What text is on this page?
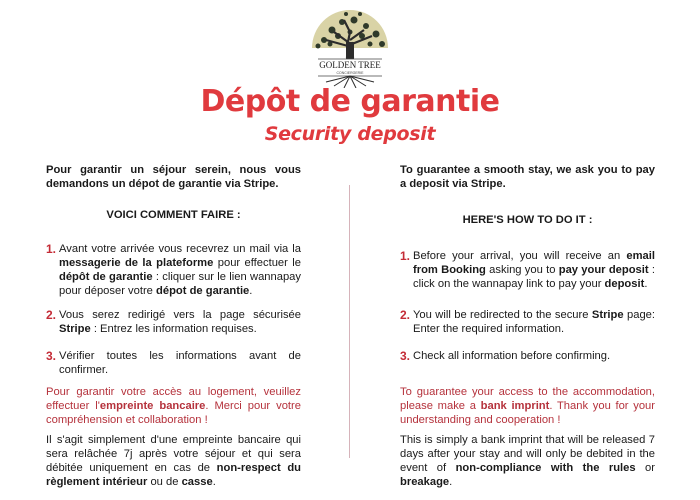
GOLDEN TREE
CONCIERGERIE
Dépôt de garantie
Security deposit

Pour garantir un séjour serein, nous vous demandons un dépot de garantie via Stripe.

VOICI COMMENT FAIRE :

1. Avant votre arrivée vous recevrez un mail via la messagerie de la plateforme pour effectuer le dépôt de garantie : cliquer sur le lien wannapay pour déposer votre dépot de garantie.
2. Vous serez redirigé vers la page sécurisée Stripe : Entrez les information requises.
3. Vérifier toutes les informations avant de confirmer.

Pour garantir votre accès au logement, veuillez effectuer l'empreinte bancaire. Merci pour votre compréhension et collaboration !

Il s'agit simplement d'une empreinte bancaire qui sera relâchée 7j après votre séjour et qui sera débitée uniquement en cas de non-respect du règlement intérieur ou de casse.

To guarantee a smooth stay, we ask you to pay a deposit via Stripe.

HERE'S HOW TO DO IT :

1. Before your arrival, you will receive an email from Booking asking you to pay your deposit : click on the wannapay link to pay your deposit.
2. You will be redirected to the secure Stripe page: Enter the required information.
3. Check all information before confirming.

To guarantee your access to the accommodation, please make a bank imprint. Thank you for your understanding and cooperation !

This is simply a bank imprint that will be released 7 days after your stay and will only be debited in the event of non-compliance with the rules or breakage.
